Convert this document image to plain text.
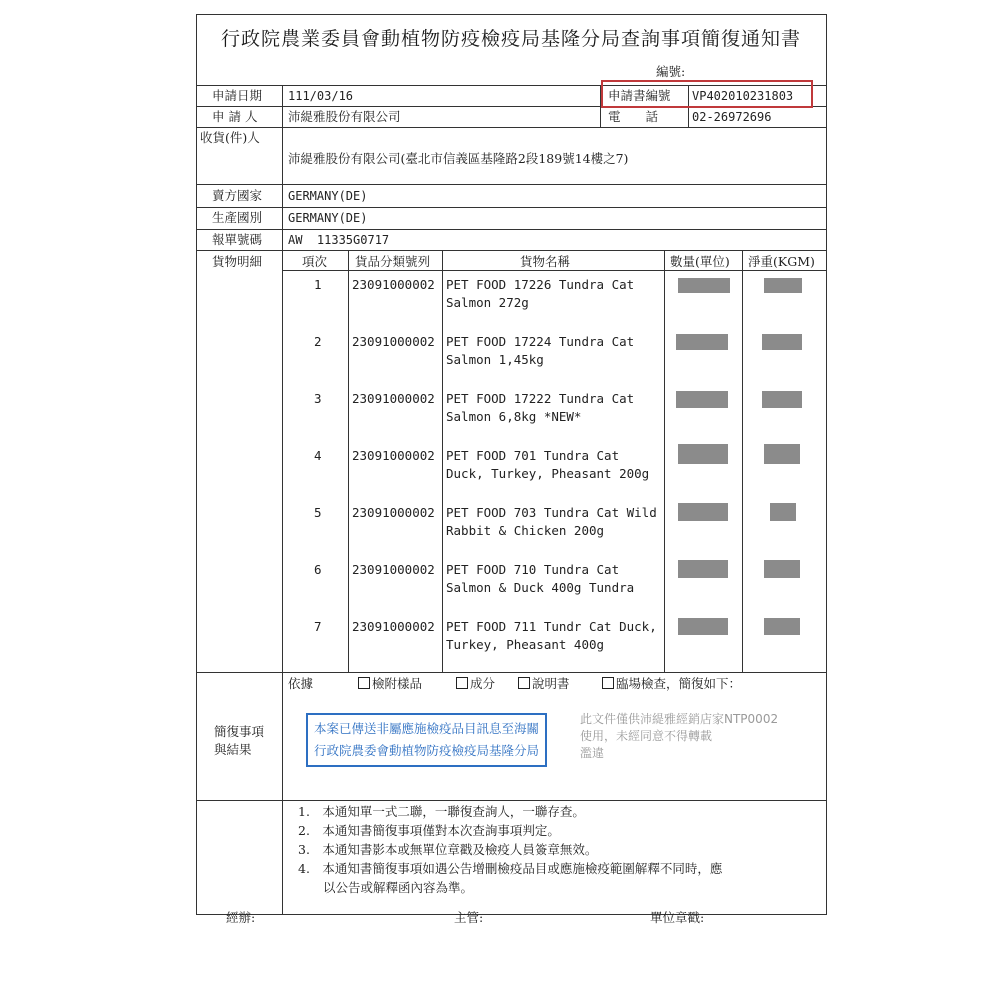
行政院農業委員會動植物防疫檢疫局基隆分局查詢事項簡復通知書
編號:
申請日期 111/03/16	申請書編號 VP402010231803
申 請 人 沛緹雅股份有限公司	電　　話	02-26972696
收貨(件)人
沛緹雅股份有限公司(臺北市信義區基隆路2段189號14樓之7)
賣方國家 GERMANY(DE)
生產國別 GERMANY(DE)
報單號碼 AW  11335G0717
貨物明細	項次 貨品分類號列	貨物名稱	數量(單位) 淨重(KGM)
1 23091000002 PET FOOD 17226 Tundra Cat
Salmon 272g
2 23091000002 PET FOOD 17224 Tundra Cat
Salmon 1,45kg
3 23091000002 PET FOOD 17222 Tundra Cat
Salmon 6,8kg *NEW*
4 23091000002 PET FOOD 701 Tundra Cat
Duck, Turkey, Pheasant 200g
5 23091000002 PET FOOD 703 Tundra Cat Wild
Rabbit & Chicken 200g
6 23091000002 PET FOOD 710 Tundra Cat
Salmon & Duck 400g Tundra
7 23091000002 PET FOOD 711 Tundr Cat Duck,
Turkey, Pheasant 400g
依據	檢附樣品	成分	說明書	臨場檢查，簡復如下：
簡復事項
與結果
本案已傳送非屬應施檢疫品目訊息至海關
行政院農委會動植物防疫檢疫局基隆分局
此文件僅供沛緹雅經銷店家NTP0002
使用，未經同意不得轉載
濫違
1.　本通知單一式二聯，一聯復查詢人，一聯存查。
2.　本通知書簡復事項僅對本次查詢事項判定。
3.　本通知書影本或無單位章戳及檢疫人員簽章無效。
4.　本通知書簡復事項如遇公告增刪檢疫品目或應施檢疫範圍解釋不同時，應
　　以公告或解釋函內容為準。
經辦:	主管:	單位章戳:
